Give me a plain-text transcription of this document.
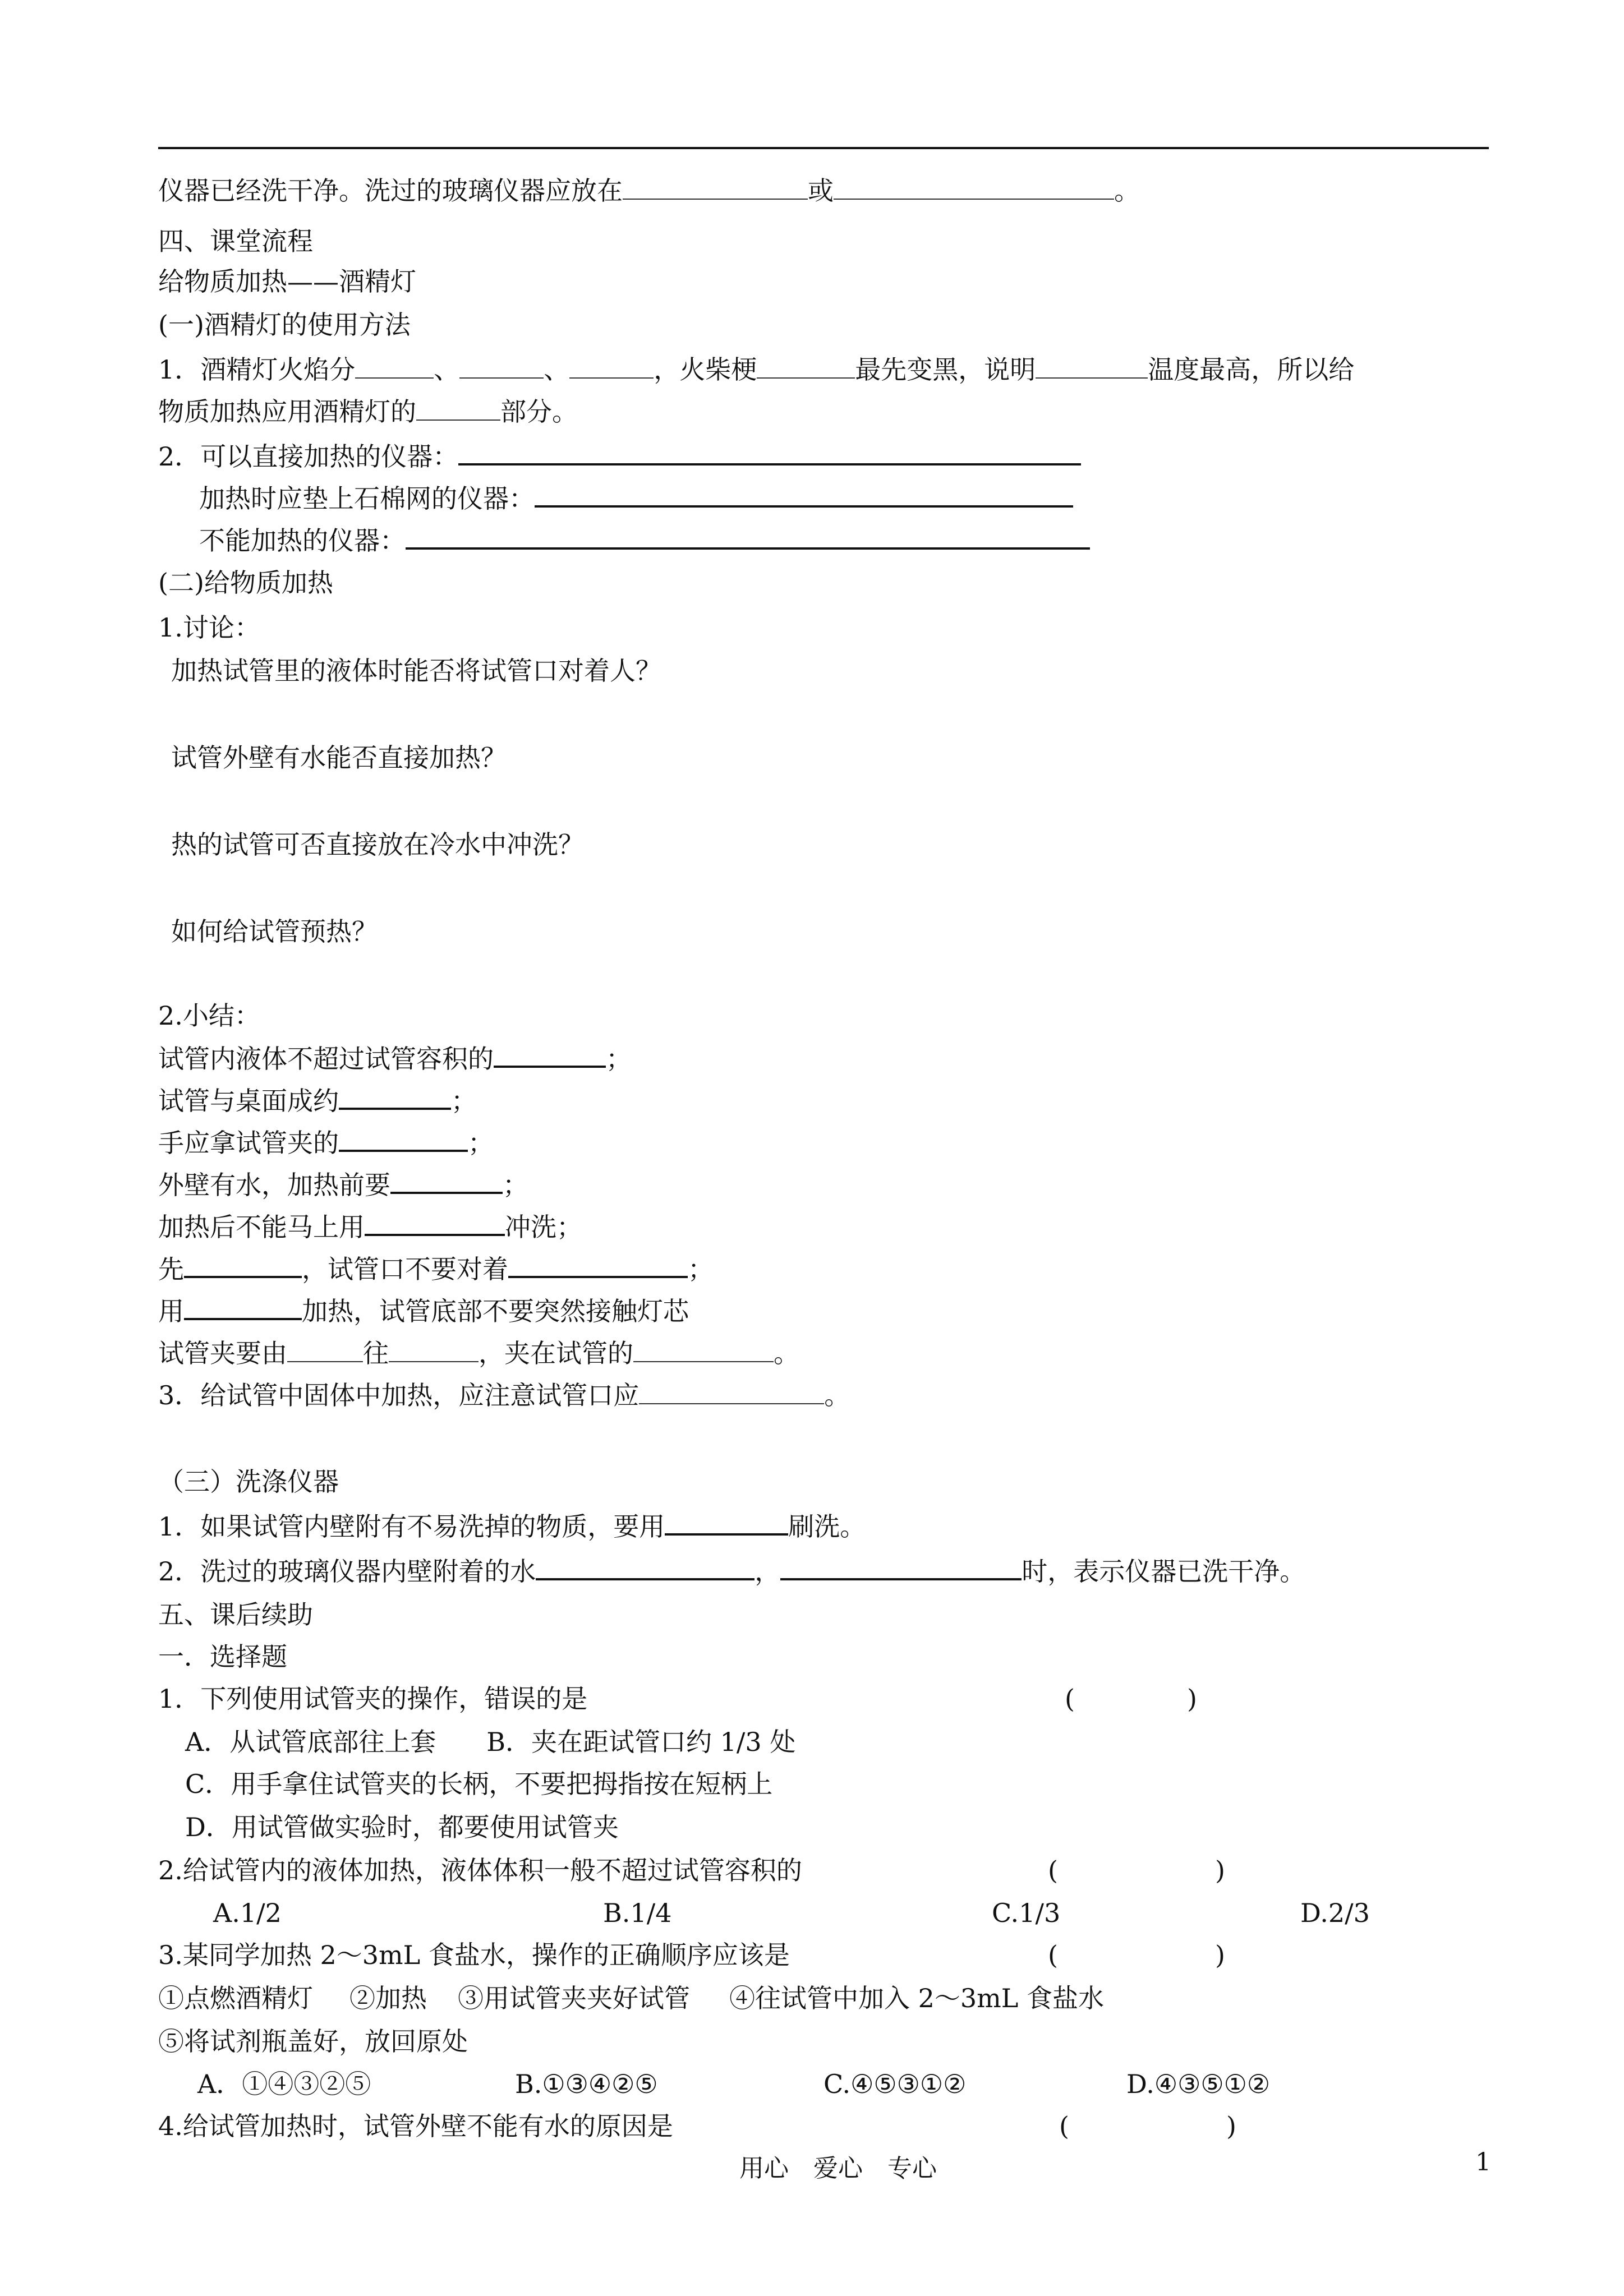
仪器已经洗干净。洗过的玻璃仪器应放在	或	。
四、课堂流程
给物质加热——酒精灯
(一)酒精灯的使用方法
1．酒精灯火焰分	、	、	，火柴梗	最先变黑，说明	温度最高，所以给
物质加热应用酒精灯的	部分。
2．可以直接加热的仪器：
加热时应垫上石棉网的仪器：
不能加热的仪器：
(二)给物质加热
1.讨论：
加热试管里的液体时能否将试管口对着人？
试管外壁有水能否直接加热？
热的试管可否直接放在冷水中冲洗？
如何给试管预热？
2.小结：
试管内液体不超过试管容积的	；
试管与桌面成约	；
手应拿试管夹的	；
外壁有水，加热前要	；
加热后不能马上用	冲洗；
先	，试管口不要对着	；
用	加热，试管底部不要突然接触灯芯
试管夹要由	往	，夹在试管的	。
3．给试管中固体中加热，应注意试管口应	。
（三）洗涤仪器
1．如果试管内壁附有不易洗掉的物质，要用	刷洗。
2．洗过的玻璃仪器内壁附着的水	，	时，表示仪器已洗干净。
五、课后续助
一．选择题
1．下列使用试管夹的操作，错误的是	(	)
A．从试管底部往上套 B．夹在距试管口约 1/3 处
C．用手拿住试管夹的长柄，不要把拇指按在短柄上
D．用试管做实验时，都要使用试管夹
2.给试管内的液体加热，液体体积一般不超过试管容积的	(	)
A.1/2	B.1/4	C.1/3	D.2/3
3.某同学加热 2～3mL 食盐水，操作的正确顺序应该是	(	)
①点燃酒精灯 ②加热 ③用试管夹夹好试管 ④往试管中加入 2～3mL 食盐水
⑤将试剂瓶盖好，放回原处
A．①④③②⑤	B.①③④②⑤	C.④⑤③①②	D.④③⑤①②
4.给试管加热时，试管外壁不能有水的原因是	(	)
用心　爱心　专心	1
